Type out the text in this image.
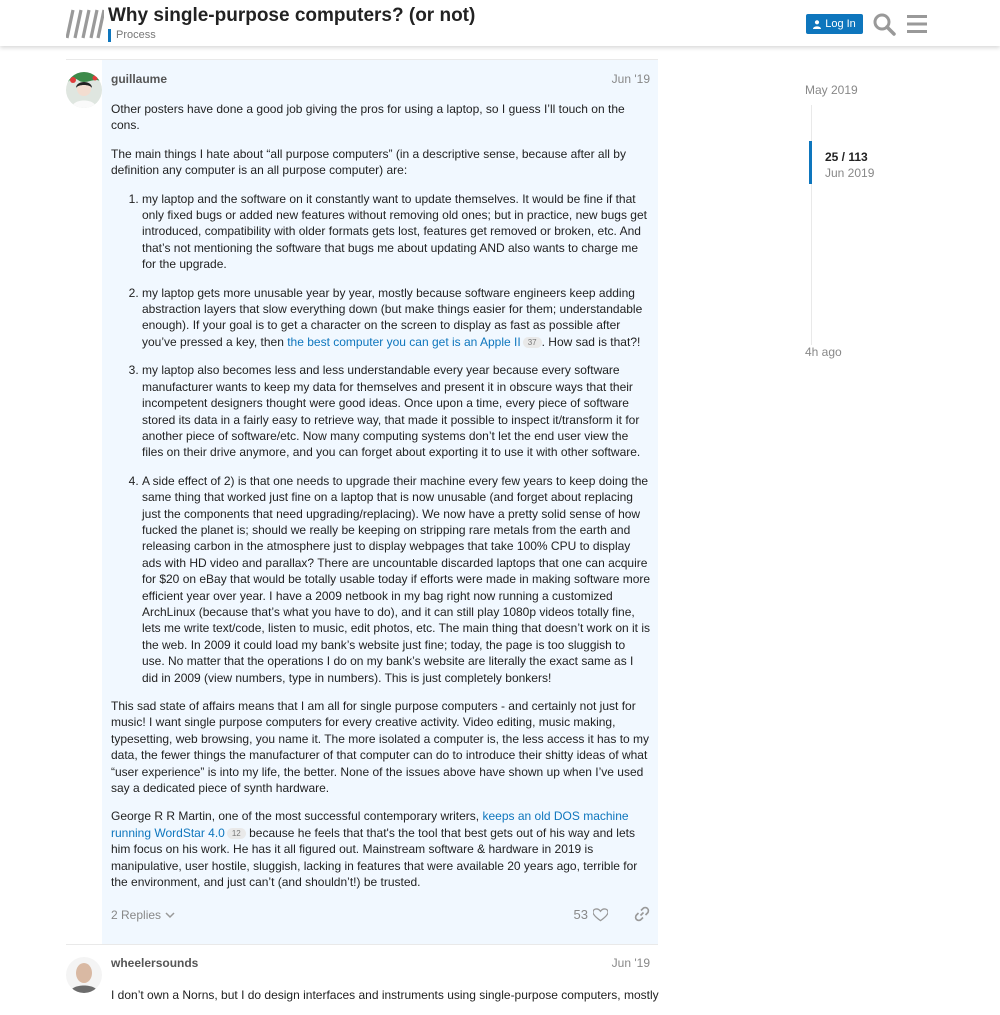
Why single-purpose computers? (or not)
Process
Log In
guillaume	Jun '19

Other posters have done a good job giving the pros for using a laptop, so I guess I’ll touch on the cons.

The main things I hate about “all purpose computers” (in a descriptive sense, because after all by definition any computer is an all purpose computer) are:

1. my laptop and the software on it constantly want to update themselves. It would be fine if that only fixed bugs or added new features without removing old ones; but in practice, new bugs get introduced, compatibility with older formats gets lost, features get removed or broken, etc. And that’s not mentioning the software that bugs me about updating AND also wants to charge me for the upgrade.
2. my laptop gets more unusable year by year, mostly because software engineers keep adding abstraction layers that slow everything down (but make things easier for them; understandable enough). If your goal is to get a character on the screen to display as fast as possible after you’ve pressed a key, then the best computer you can get is an Apple II 37 . How sad is that?!
3. my laptop also becomes less and less understandable every year because every software manufacturer wants to keep my data for themselves and present it in obscure ways that their incompetent designers thought were good ideas. Once upon a time, every piece of software stored its data in a fairly easy to retrieve way, that made it possible to inspect it/transform it for another piece of software/etc. Now many computing systems don’t let the end user view the files on their drive anymore, and you can forget about exporting it to use it with other software.
4. A side effect of 2) is that one needs to upgrade their machine every few years to keep doing the same thing that worked just fine on a laptop that is now unusable (and forget about replacing just the components that need upgrading/replacing). We now have a pretty solid sense of how fucked the planet is; should we really be keeping on stripping rare metals from the earth and releasing carbon in the atmosphere just to display webpages that take 100% CPU to display ads with HD video and parallax? There are uncountable discarded laptops that one can acquire for $20 on eBay that would be totally usable today if efforts were made in making software more efficient year over year. I have a 2009 netbook in my bag right now running a customized ArchLinux (because that’s what you have to do), and it can still play 1080p videos totally fine, lets me write text/code, listen to music, edit photos, etc. The main thing that doesn’t work on it is the web. In 2009 it could load my bank’s website just fine; today, the page is too sluggish to use. No matter that the operations I do on my bank’s website are literally the exact same as I did in 2009 (view numbers, type in numbers). This is just completely bonkers!

This sad state of affairs means that I am all for single purpose computers - and certainly not just for music! I want single purpose computers for every creative activity. Video editing, music making, typesetting, web browsing, you name it. The more isolated a computer is, the less access it has to my data, the fewer things the manufacturer of that computer can do to introduce their shitty ideas of what “user experience” is into my life, the better. None of the issues above have shown up when I’ve used say a dedicated piece of synth hardware.

George R R Martin, one of the most successful contemporary writers, keeps an old DOS machine running WordStar 4.0 12 because he feels that that's the tool that best gets out of his way and lets him focus on his work. He has it all figured out. Mainstream software & hardware in 2019 is manipulative, user hostile, sluggish, lacking in features that were available 20 years ago, terrible for the environment, and just can’t (and shouldn’t!) be trusted.

2 Replies	53
wheelersounds	Jun '19

I don’t own a Norns, but I do design interfaces and instruments using single-purpose computers, mostly

May 2019
25 / 113
Jun 2019
4h ago
